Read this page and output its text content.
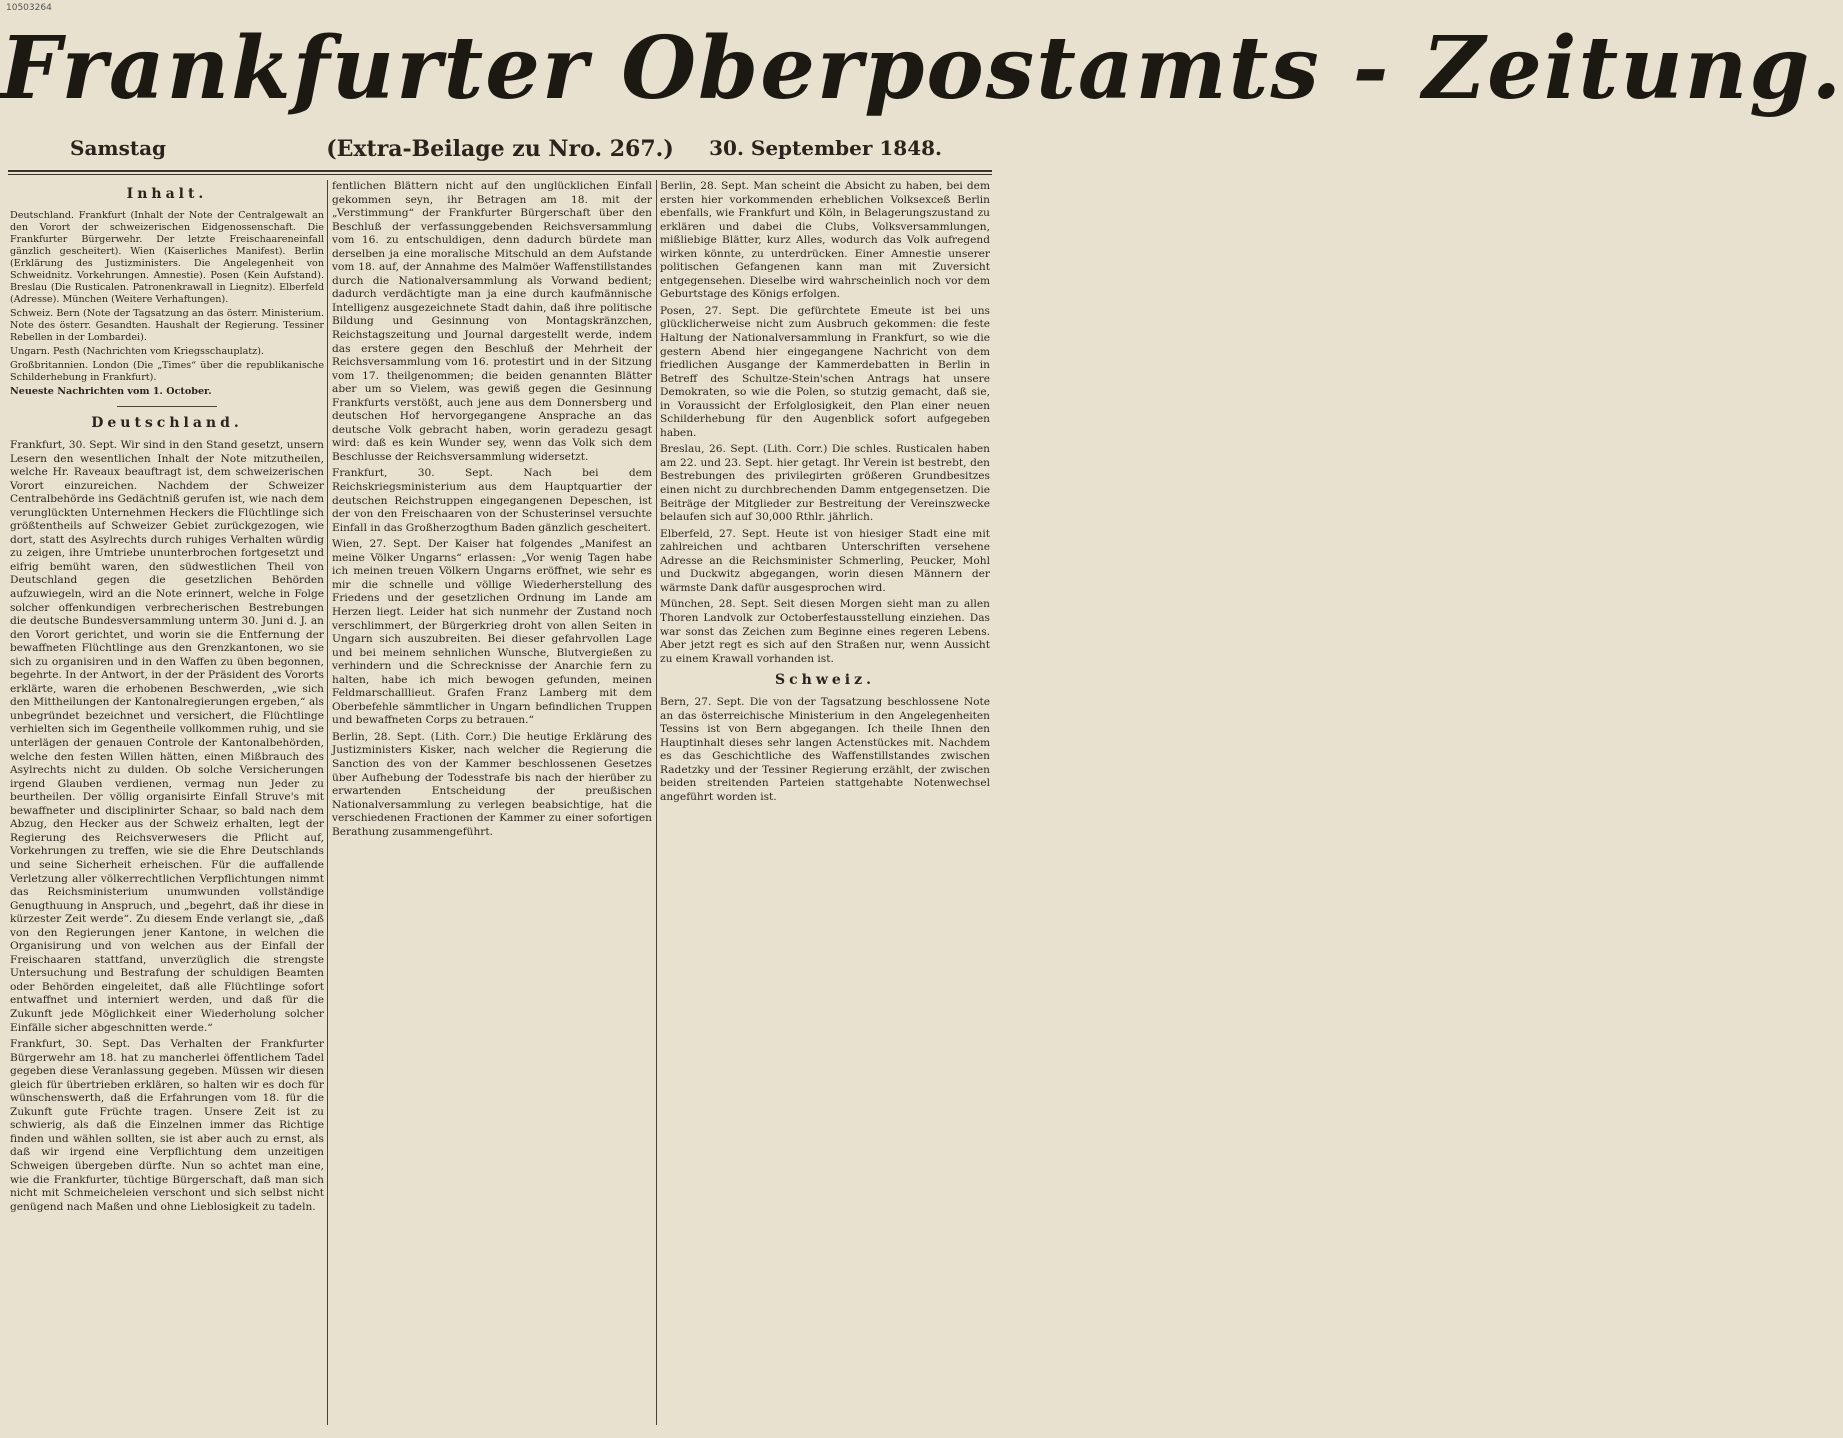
10503264
Frankfurter Oberpostamts - Zeitung.
Samstag	(Extra-Beilage zu Nro. 267.)	30. September 1848.
Inhalt.

Deutschland. Frankfurt (Inhalt der Note der Centralgewalt an den Vorort der schweizerischen Eidgenossenschaft. Die Frankfurter Bürgerwehr. Der letzte Freischaareneinfall gänzlich gescheitert). Wien (Kaiserliches Manifest). Berlin (Erklärung des Justizministers. Die Angelegenheit von Schweidnitz. Vorkehrungen. Amnestie). Posen (Kein Aufstand). Breslau (Die Rusticalen. Patronenkrawall in Liegnitz). Elberfeld (Adresse). München (Weitere Verhaftungen).

Schweiz. Bern (Note der Tagsatzung an das österr. Ministerium. Note des österr. Gesandten. Haushalt der Regierung. Tessiner Rebellen in der Lombardei).

Ungarn. Pesth (Nachrichten vom Kriegsschauplatz).

Großbritannien. London (Die „Times“ über die republikanische Schilderhebung in Frankfurt).

Neueste Nachrichten vom 1. October.

Deutschland.

Frankfurt, 30. Sept. Wir sind in den Stand gesetzt, unsern Lesern den wesentlichen Inhalt der Note mitzutheilen, welche Hr. Raveaux beauftragt ist, dem schweizerischen Vorort einzureichen. Nachdem der Schweizer Centralbehörde ins Gedächtniß gerufen ist, wie nach dem verunglückten Unternehmen Heckers die Flüchtlinge sich größtentheils auf Schweizer Gebiet zurückgezogen, wie dort, statt des Asylrechts durch ruhiges Verhalten würdig zu zeigen, ihre Umtriebe ununterbrochen fortgesetzt und eifrig bemüht waren, den südwestlichen Theil von Deutschland gegen die gesetzlichen Behörden aufzuwiegeln, wird an die Note erinnert, welche in Folge solcher offenkundigen verbrecherischen Bestrebungen die deutsche Bundesversammlung unterm 30. Juni d. J. an den Vorort gerichtet, und worin sie die Entfernung der bewaffneten Flüchtlinge aus den Grenzkantonen, wo sie sich zu organisiren und in den Waffen zu üben begonnen, begehrte. In der Antwort, in der der Präsident des Vororts erklärte, waren die erhobenen Beschwerden, „wie sich den Mittheilungen der Kantonalregierungen ergeben,“ als unbegründet bezeichnet und versichert, die Flüchtlinge verhielten sich im Gegentheile vollkommen ruhig, und sie unterlägen der genauen Controle der Kantonalbehörden, welche den festen Willen hätten, einen Mißbrauch des Asylrechts nicht zu dulden. Ob solche Versicherungen irgend Glauben verdienen, vermag nun Jeder zu beurtheilen. Der völlig organisirte Einfall Struve's mit bewaffneter und disciplinirter Schaar, so bald nach dem Abzug, den Hecker aus der Schweiz erhalten, legt der Regierung des Reichsverwesers die Pflicht auf, Vorkehrungen zu treffen, wie sie die Ehre Deutschlands und seine Sicherheit erheischen. Für die auffallende Verletzung aller völkerrechtlichen Verpflichtungen nimmt das Reichsministerium unumwunden vollständige Genugthuung in Anspruch, und „begehrt, daß ihr diese in kürzester Zeit werde“. Zu diesem Ende verlangt sie, „daß von den Regierungen jener Kantone, in welchen die Organisirung und von welchen aus der Einfall der Freischaaren stattfand, unverzüglich die strengste Untersuchung und Bestrafung der schuldigen Beamten oder Behörden eingeleitet, daß alle Flüchtlinge sofort entwaffnet und interniert werden, und daß für die Zukunft jede Möglichkeit einer Wiederholung solcher Einfälle sicher abgeschnitten werde.“

Frankfurt, 30. Sept. Das Verhalten der Frankfurter Bürgerwehr am 18. hat zu mancherlei öffentlichem Tadel gegeben diese Veranlassung gegeben. Müssen wir diesen gleich für übertrieben erklären, so halten wir es doch für wünschenswerth, daß die Erfahrungen vom 18. für die Zukunft gute Früchte tragen. Unsere Zeit ist zu schwierig, als daß die Einzelnen immer das Richtige finden und wählen sollten, sie ist aber auch zu ernst, als daß wir irgend eine Verpflichtung dem unzeitigen Schweigen übergeben dürfte. Nun so achtet man eine, wie die Frankfurter, tüchtige Bürgerschaft, daß man sich nicht mit Schmeicheleien verschont und sich selbst nicht genügend nach Maßen und ohne Lieblosigkeit zu tadeln.

fentlichen Blättern nicht auf den unglücklichen Einfall gekommen seyn, ihr Betragen am 18. mit der „Verstimmung“ der Frankfurter Bürgerschaft über den Beschluß der verfassunggebenden Reichsversammlung vom 16. zu entschuldigen, denn dadurch bürdete man derselben ja eine moralische Mitschuld an dem Aufstande vom 18. auf, der Annahme des Malmöer Waffenstillstandes durch die Nationalversammlung als Vorwand bedient; dadurch verdächtigte man ja eine durch kaufmännische Intelligenz ausgezeichnete Stadt dahin, daß ihre politische Bildung und Gesinnung von Montagskränzchen, Reichstagszeitung und Journal dargestellt werde, indem das erstere gegen den Beschluß der Mehrheit der Reichsversammlung vom 16. protestirt und in der Sitzung vom 17. theilgenommen; die beiden genannten Blätter aber um so Vielem, was gewiß gegen die Gesinnung Frankfurts verstößt, auch jene aus dem Donnersberg und deutschen Hof hervorgegangene Ansprache an das deutsche Volk gebracht haben, worin geradezu gesagt wird: daß es kein Wunder sey, wenn das Volk sich dem Beschlusse der Reichsversammlung widersetzt.

Frankfurt, 30. Sept. Nach bei dem Reichskriegsministerium aus dem Hauptquartier der deutschen Reichstruppen eingegangenen Depeschen, ist der von den Freischaaren von der Schusterinsel versuchte Einfall in das Großherzogthum Baden gänzlich gescheitert.

Wien, 27. Sept. Der Kaiser hat folgendes „Manifest an meine Völker Ungarns“ erlassen: „Vor wenig Tagen habe ich meinen treuen Völkern Ungarns eröffnet, wie sehr es mir die schnelle und völlige Wiederherstellung des Friedens und der gesetzlichen Ordnung im Lande am Herzen liegt. Leider hat sich nunmehr der Zustand noch verschlimmert, der Bürgerkrieg droht von allen Seiten in Ungarn sich auszubreiten. Bei dieser gefahrvollen Lage und bei meinem sehnlichen Wunsche, Blutvergießen zu verhindern und die Schrecknisse der Anarchie fern zu halten, habe ich mich bewogen gefunden, meinen Feldmarschalllieut. Grafen Franz Lamberg mit dem Oberbefehle sämmtlicher in Ungarn befindlichen Truppen und bewaffneten Corps zu betrauen.“

Berlin, 28. Sept. (Lith. Corr.) Die heutige Erklärung des Justizministers Kisker, nach welcher die Regierung die Sanction des von der Kammer beschlossenen Gesetzes über Aufhebung der Todesstrafe bis nach der hierüber zu erwartenden Entscheidung der preußischen Nationalversammlung zu verlegen beabsichtige, hat die verschiedenen Fractionen der Kammer zu einer sofortigen Berathung zusammengeführt.

Berlin, 28. Sept. Man scheint die Absicht zu haben, bei dem ersten hier vorkommenden erheblichen Volksexceß Berlin ebenfalls, wie Frankfurt und Köln, in Belagerungszustand zu erklären und dabei die Clubs, Volksversammlungen, mißliebige Blätter, kurz Alles, wodurch das Volk aufregend wirken könnte, zu unterdrücken. Einer Amnestie unserer politischen Gefangenen kann man mit Zuversicht entgegensehen. Dieselbe wird wahrscheinlich noch vor dem Geburtstage des Königs erfolgen.

Posen, 27. Sept. Die gefürchtete Emeute ist bei uns glücklicherweise nicht zum Ausbruch gekommen: die feste Haltung der Nationalversammlung in Frankfurt, so wie die gestern Abend hier eingegangene Nachricht von dem friedlichen Ausgange der Kammerdebatten in Berlin in Betreff des Schultze-Stein'schen Antrags hat unsere Demokraten, so wie die Polen, so stutzig gemacht, daß sie, in Voraussicht der Erfolglosigkeit, den Plan einer neuen Schilderhebung für den Augenblick sofort aufgegeben haben.

Breslau, 26. Sept. (Lith. Corr.) Die schles. Rusticalen haben am 22. und 23. Sept. hier getagt. Ihr Verein ist bestrebt, den Bestrebungen des privilegirten größeren Grundbesitzes einen nicht zu durchbrechenden Damm entgegensetzen. Die Beiträge der Mitglieder zur Bestreitung der Vereinszwecke belaufen sich auf 30,000 Rthlr. jährlich.

Elberfeld, 27. Sept. Heute ist von hiesiger Stadt eine mit zahlreichen und achtbaren Unterschriften versehene Adresse an die Reichsminister Schmerling, Peucker, Mohl und Duckwitz abgegangen, worin diesen Männern der wärmste Dank dafür ausgesprochen wird.

München, 28. Sept. Seit diesen Morgen sieht man zu allen Thoren Landvolk zur Octoberfestausstellung einziehen. Das war sonst das Zeichen zum Beginne eines regeren Lebens. Aber jetzt regt es sich auf den Straßen nur, wenn Aussicht zu einem Krawall vorhanden ist.

Schweiz.

Bern, 27. Sept. Die von der Tagsatzung beschlossene Note an das österreichische Ministerium in den Angelegenheiten Tessins ist von Bern abgegangen. Ich theile Ihnen den Hauptinhalt dieses sehr langen Actenstückes mit. Nachdem es das Geschichtliche des Waffenstillstandes zwischen Radetzky und der Tessiner Regierung erzählt, der zwischen beiden streitenden Parteien stattgehabte Notenwechsel angeführt worden ist.
